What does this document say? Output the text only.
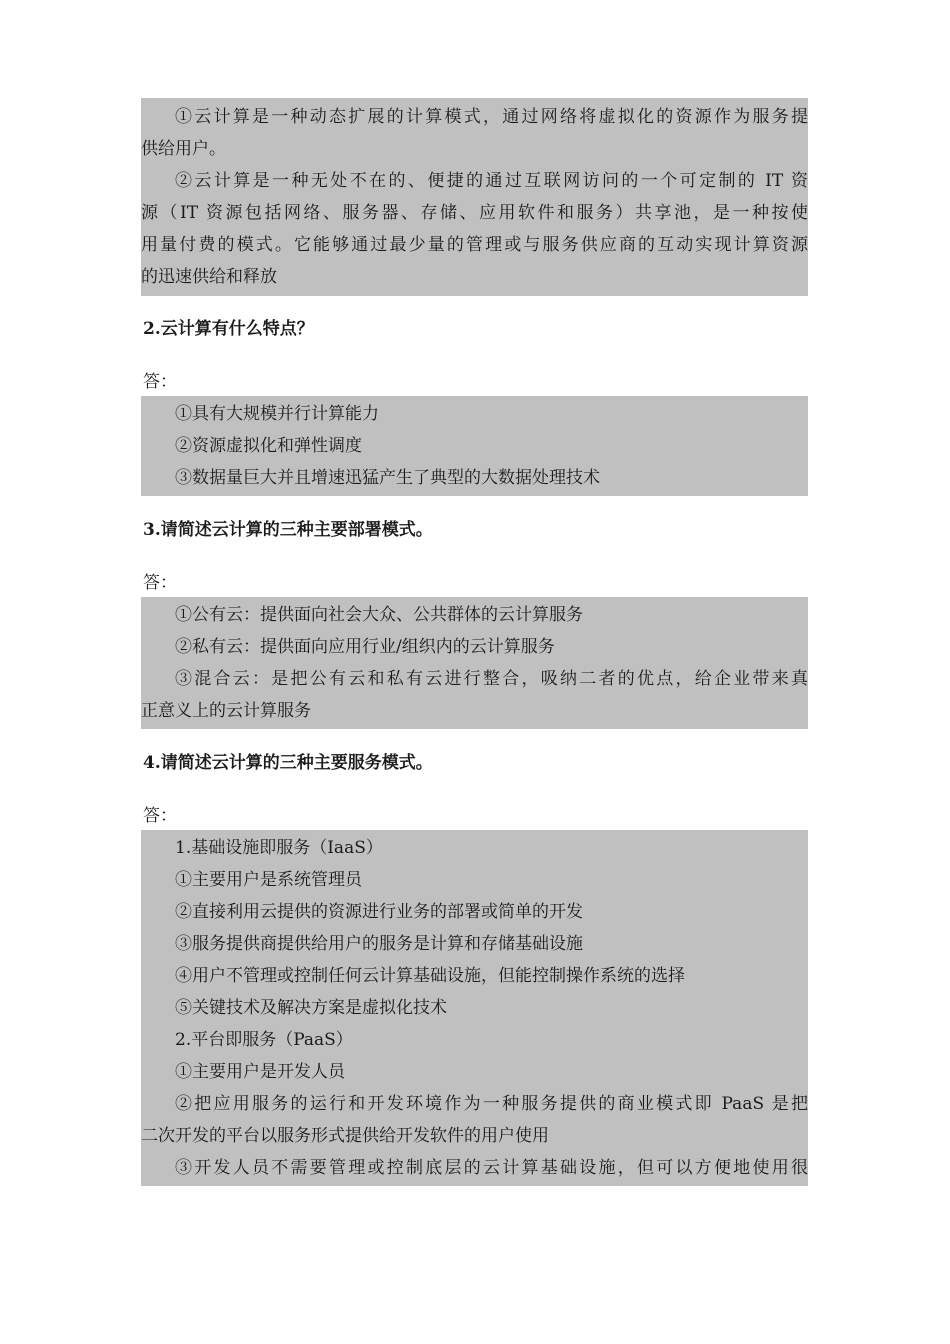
①云计算是一种动态扩展的计算模式，通过网络将虚拟化的资源作为服务提

供给用户。

②云计算是一种无处不在的、便捷的通过互联网访问的一个可定制的 IT 资

源（IT 资源包括网络、服务器、存储、应用软件和服务）共享池，是一种按使

用量付费的模式。它能够通过最少量的管理或与服务供应商的互动实现计算资源

的迅速供给和释放

2.云计算有什么特点？

答：

①具有大规模并行计算能力

②资源虚拟化和弹性调度

③数据量巨大并且增速迅猛产生了典型的大数据处理技术

3.请简述云计算的三种主要部署模式。

答：

①公有云：提供面向社会大众、公共群体的云计算服务

②私有云：提供面向应用行业/组织内的云计算服务

③混合云：是把公有云和私有云进行整合，吸纳二者的优点，给企业带来真

正意义上的云计算服务

4.请简述云计算的三种主要服务模式。

答：

1.基础设施即服务（IaaS）

①主要用户是系统管理员

②直接利用云提供的资源进行业务的部署或简单的开发

③服务提供商提供给用户的服务是计算和存储基础设施

④用户不管理或控制任何云计算基础设施，但能控制操作系统的选择

⑤关键技术及解决方案是虚拟化技术

2.平台即服务（PaaS）

①主要用户是开发人员

②把应用服务的运行和开发环境作为一种服务提供的商业模式即 PaaS 是把

二次开发的平台以服务形式提供给开发软件的用户使用

③开发人员不需要管理或控制底层的云计算基础设施，但可以方便地使用很
